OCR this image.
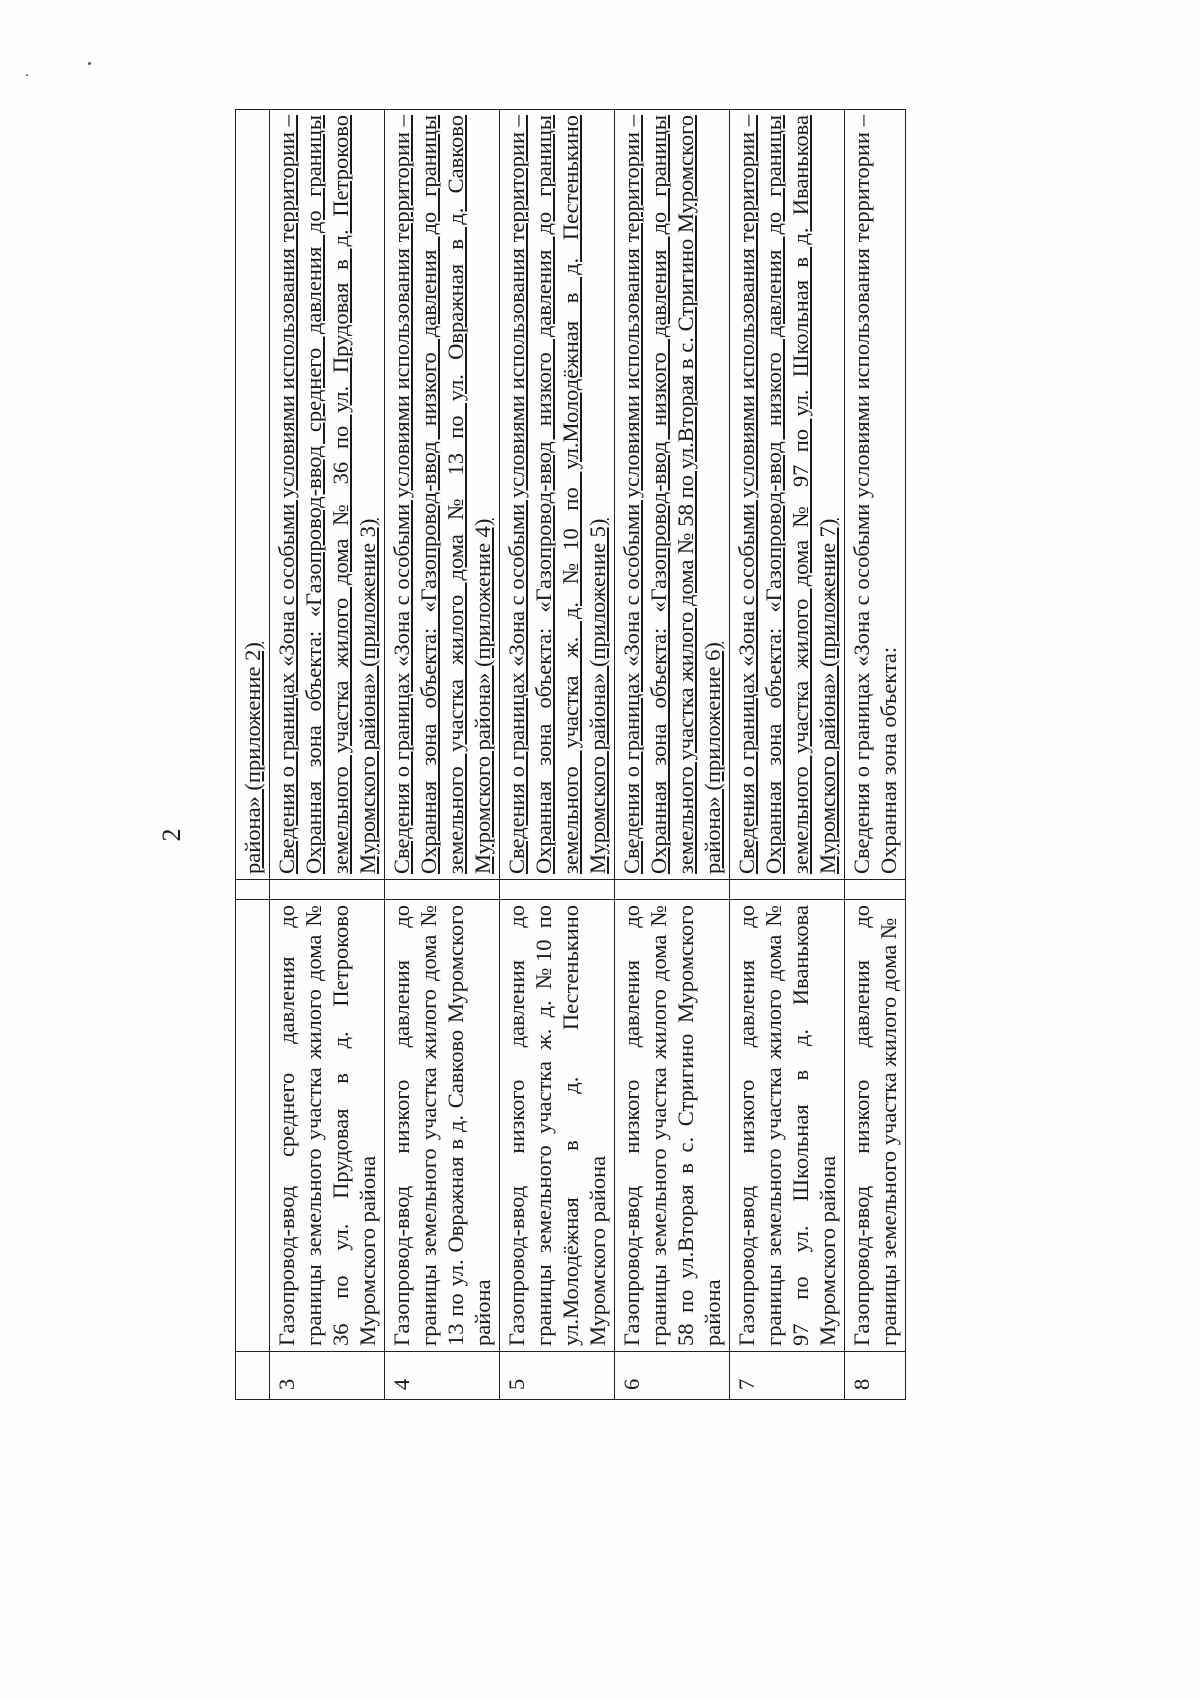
2
			района» (приложение 2)
3	Газопровод-ввод среднего давления до границы земельного участка жилого дома № 36 по ул. Прудовая в д. Петроково Муромского района		Сведения о границах «Зона с особыми условиями использования территории – Охранная зона объекта: «Газопровод-ввод среднего давления до границы земельного участка жилого дома № 36 по ул. Прудовая в д. Петроково Муромского района» (приложение 3)
4	Газопровод-ввод низкого давления до границы земельного участка жилого дома № 13 по ул. Овражная в д. Савково Муромского района		Сведения о границах «Зона с особыми условиями использования территории – Охранная зона объекта: «Газопровод-ввод низкого давления до границы земельного участка жилого дома № 13 по ул. Овражная в д. Савково Муромского района» (приложение 4)
5	Газопровод-ввод низкого давления до границы земельного участка ж. д. №10 по ул.Молодёжная в д. Пестенькино Муромского района		Сведения о границах «Зона с особыми условиями использования территории – Охранная зона объекта: «Газопровод-ввод низкого давления до границы земельного участка ж. д. №10 по ул.Молодёжная в д. Пестенькино Муромского района» (приложение 5)
6	Газопровод-ввод низкого давления до границы земельного участка жилого дома № 58 по ул.Вторая в с. Стригино Муромского района		Сведения о границах «Зона с особыми условиями использования территории – Охранная зона объекта: «Газопровод-ввод низкого давления до границы земельного участка жилого дома № 58 по ул.Вторая в с. Стригино Муромского района» (приложение 6)
7	Газопровод-ввод низкого давления до границы земельного участка жилого дома № 97 по ул. Школьная в д. Иванькова Муромского района		Сведения о границах «Зона с особыми условиями использования территории – Охранная зона объекта: «Газопровод-ввод низкого давления до границы земельного участка жилого дома № 97 по ул. Школьная в д. Иванькова Муромского района» (приложение 7)
8	Газопровод-ввод низкого давления до границы земельного участка жилого дома №		Сведения о границах «Зона с особыми условиями использования территории – Охранная зона объекта:
